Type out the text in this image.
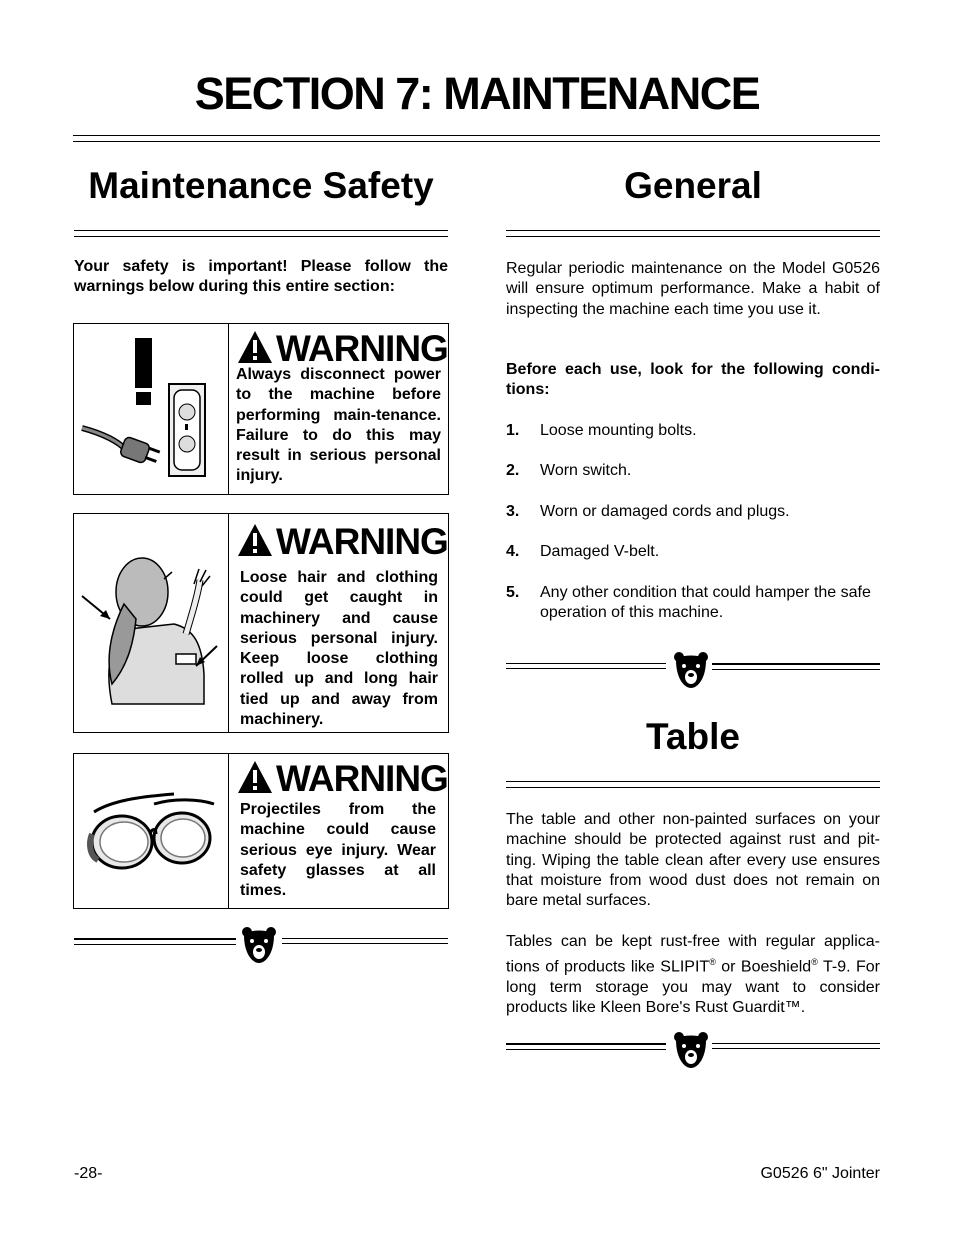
SECTION 7: MAINTENANCE
Maintenance Safety
Your safety is important! Please follow the warnings below during this entire section:
WARNING
Always disconnect power to the machine before performing main-tenance. Failure to do this may result in serious personal injury.
WARNING
Loose hair and clothing could get caught in machinery and cause serious personal injury. Keep loose clothing rolled up and long hair tied up and away from machinery.
WARNING
Projectiles from the machine could cause serious eye injury. Wear safety glasses at all times.
General
Regular periodic maintenance on the Model G0526 will ensure optimum performance. Make a habit of inspecting the machine each time you use it.
Before each use, look for the following condi-tions:
1. Loose mounting bolts.
2. Worn switch.
3. Worn or damaged cords and plugs.
4. Damaged V-belt.
5. Any other condition that could hamper the safe operation of this machine.
Table
The table and other non-painted surfaces on your machine should be protected against rust and pit-ting. Wiping the table clean after every use ensures that moisture from wood dust does not remain on bare metal surfaces.
Tables can be kept rust-free with regular applica-tions of products like SLIPIT® or Boeshield® T-9. For long term storage you may want to consider products like Kleen Bore's Rust Guardit™.
-28-	G0526 6" Jointer
